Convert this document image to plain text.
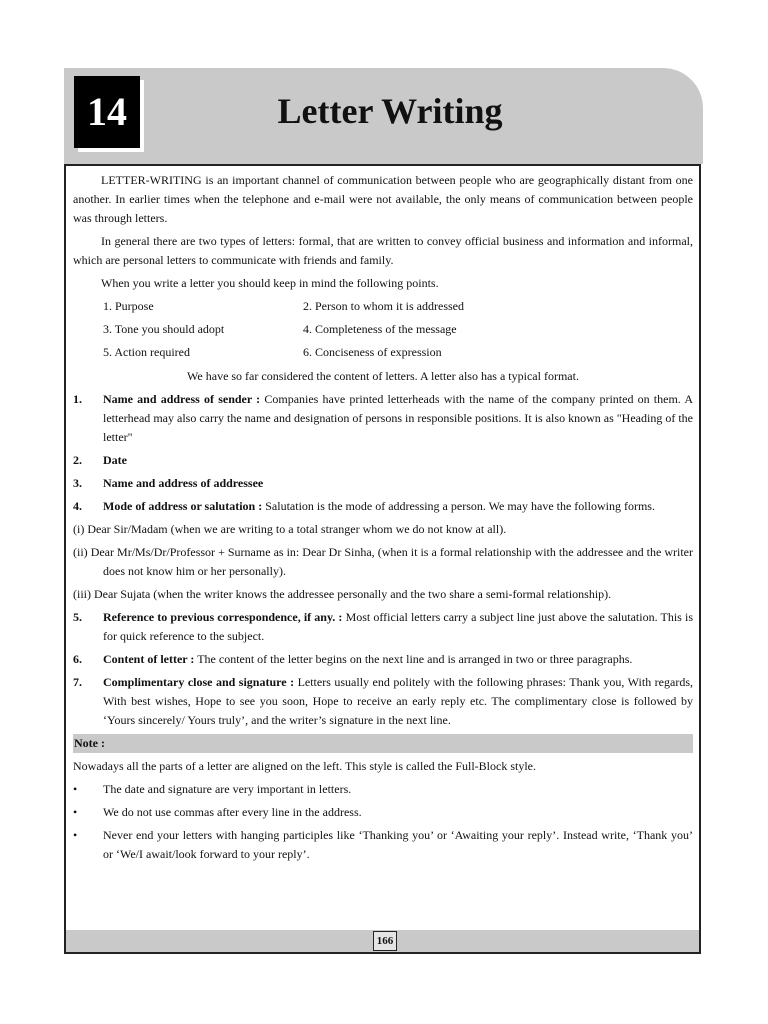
14	Letter Writing

LETTER-WRITING is an important channel of communication between people who are geographically distant from one another. In earlier times when the telephone and e-mail were not available, the only means of communication between people was through letters.

In general there are two types of letters: formal, that are written to convey official business and information and informal, which are personal letters to communicate with friends and family.

When you write a letter you should keep in mind the following points.

1. Purpose	2. Person to whom it is addressed
3. Tone you should adopt	4. Completeness of the message
5. Action required	6. Conciseness of expression

We have so far considered the content of letters. A letter also has a typical format.

1.	Name and address of sender : Companies have printed letterheads with the name of the company printed on them. A letterhead may also carry the name and designation of persons in responsible positions. It is also known as "Heading of the letter"
2.	Date
3.	Name and address of addressee
4.	Mode of address or salutation : Salutation is the mode of addressing a person. We may have the following forms.
(i) Dear Sir/Madam (when we are writing to a total stranger whom we do not know at all).
(ii) Dear Mr/Ms/Dr/Professor + Surname as in: Dear Dr Sinha, (when it is a formal relationship with the addressee and the writer does not know him or her personally).
(iii) Dear Sujata (when the writer knows the addressee personally and the two share a semi-formal relationship).
5.	Reference to previous correspondence, if any. : Most official letters carry a subject line just above the salutation. This is for quick reference to the subject.
6.	Content of letter : The content of the letter begins on the next line and is arranged in two or three paragraphs.
7.	Complimentary close and signature : Letters usually end politely with the following phrases: Thank you, With regards, With best wishes, Hope to see you soon, Hope to receive an early reply etc. The complimentary close is followed by ‘Yours sincerely/ Yours truly’, and the writer’s signature in the next line.
Note :

Nowadays all the parts of a letter are aligned on the left. This style is called the Full-Block style.

•	The date and signature are very important in letters.
•	We do not use commas after every line in the address.
•	Never end your letters with hanging participles like ‘Thanking you’ or ‘Awaiting your reply’. Instead write, ‘Thank you’ or ‘We/I await/look forward to your reply’.
166
